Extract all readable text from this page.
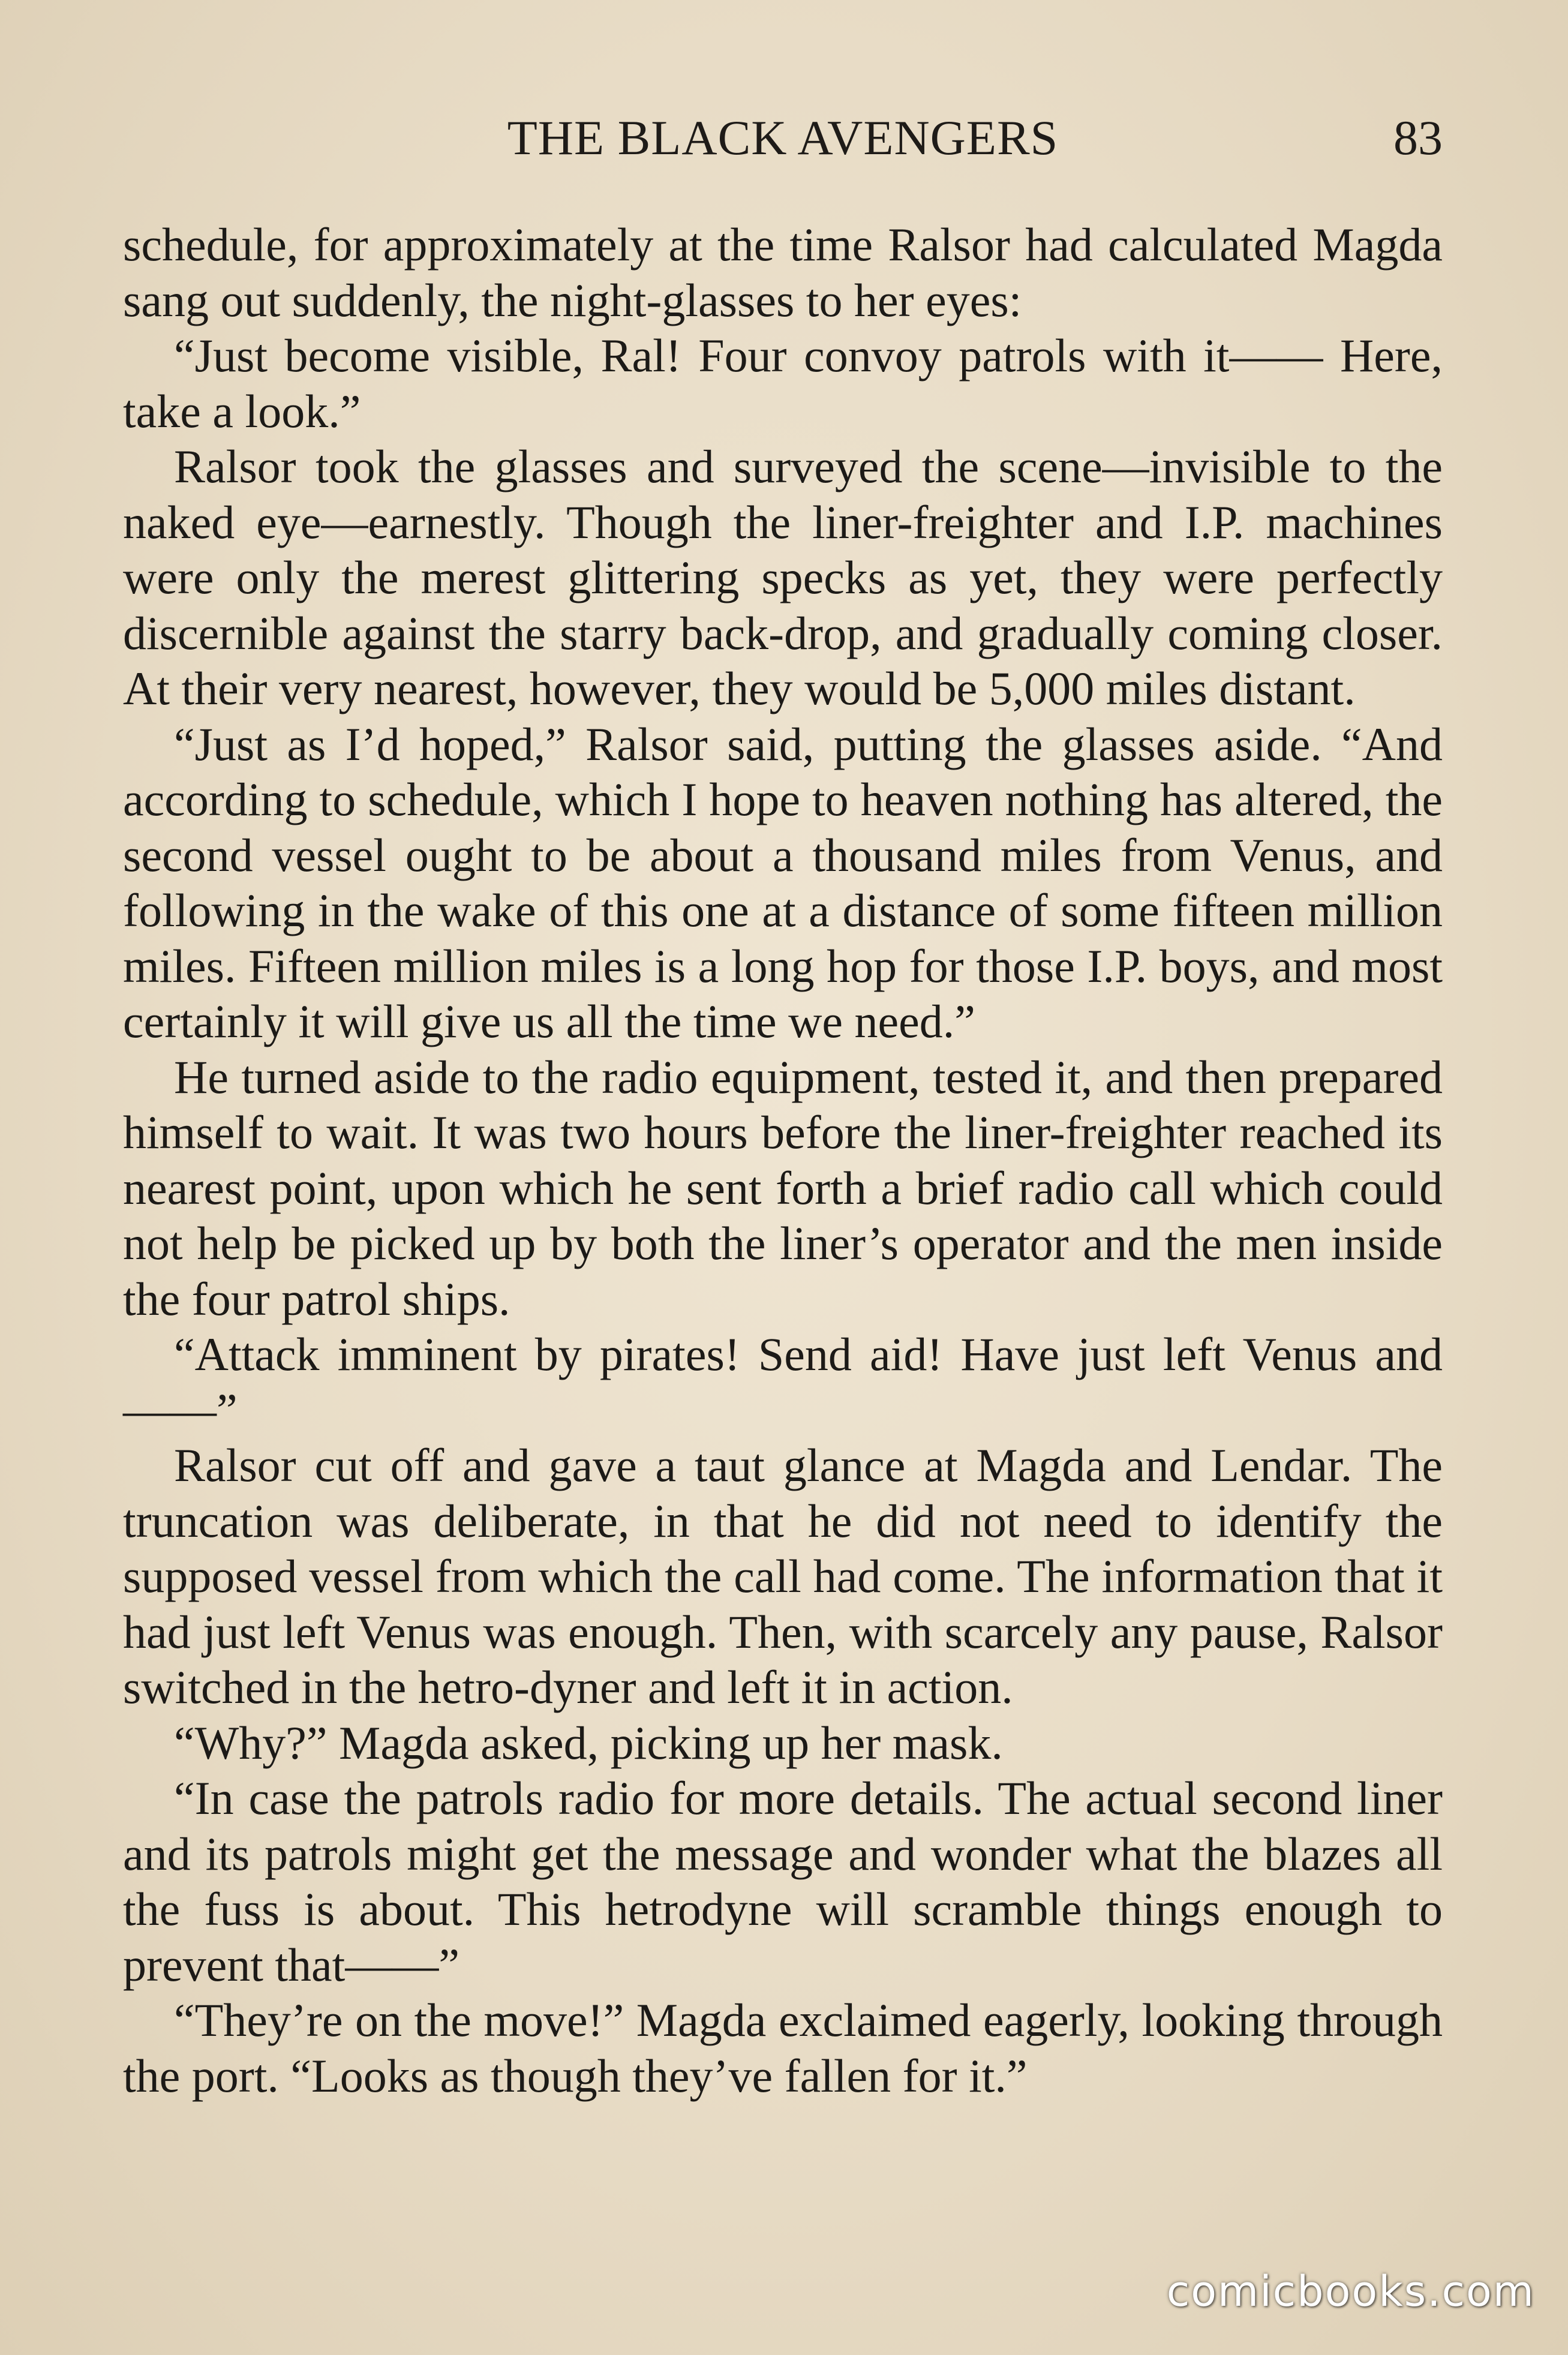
THE BLACK AVENGERS	83

schedule, for approximately at the time Ralsor had calculated Magda sang out suddenly, the night-glasses to her eyes:

“Just become visible, Ral! Four convoy patrols with it—— Here, take a look.”

Ralsor took the glasses and surveyed the scene—invisible to the naked eye—earnestly. Though the liner-freighter and I.P. machines were only the merest glittering specks as yet, they were perfectly discernible against the starry back-drop, and gradually coming closer. At their very nearest, however, they would be 5,000 miles distant.

“Just as I’d hoped,” Ralsor said, putting the glasses aside. “And according to schedule, which I hope to heaven nothing has altered, the second vessel ought to be about a thousand miles from Venus, and following in the wake of this one at a distance of some fifteen million miles. Fifteen million miles is a long hop for those I.P. boys, and most certainly it will give us all the time we need.”

He turned aside to the radio equipment, tested it, and then prepared himself to wait. It was two hours before the liner-freighter reached its nearest point, upon which he sent forth a brief radio call which could not help be picked up by both the liner’s operator and the men inside the four patrol ships.

“Attack imminent by pirates! Send aid! Have just left Venus and——”

Ralsor cut off and gave a taut glance at Magda and Lendar. The truncation was deliberate, in that he did not need to identify the supposed vessel from which the call had come. The information that it had just left Venus was enough. Then, with scarcely any pause, Ralsor switched in the hetro-dyner and left it in action.

“Why?” Magda asked, picking up her mask.

“In case the patrols radio for more details. The actual second liner and its patrols might get the message and wonder what the blazes all the fuss is about. This hetrodyne will scramble things enough to prevent that——”

“They’re on the move!” Magda exclaimed eagerly, looking through the port. “Looks as though they’ve fallen for it.”

comicbooks.com
